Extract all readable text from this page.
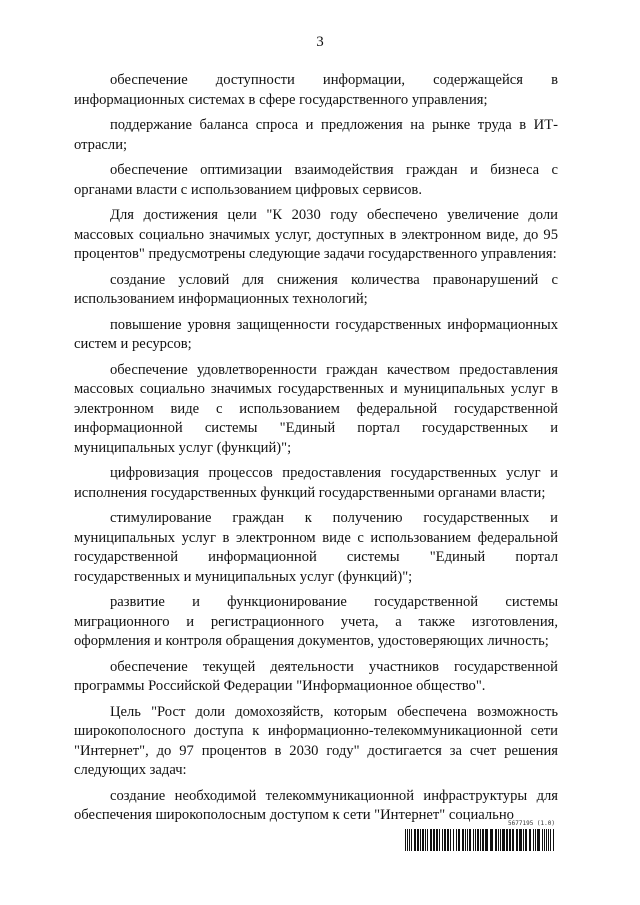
3

обеспечение доступности информации, содержащейся в информационных системах в сфере государственного управления;

поддержание баланса спроса и предложения на рынке труда в ИТ-отрасли;

обеспечение оптимизации взаимодействия граждан и бизнеса с органами власти с использованием цифровых сервисов.

Для достижения цели "К 2030 году обеспечено увеличение доли массовых социально значимых услуг, доступных в электронном виде, до 95 процентов" предусмотрены следующие задачи государственного управления:

создание условий для снижения количества правонарушений с использованием информационных технологий;

повышение уровня защищенности государственных информационных систем и ресурсов;

обеспечение удовлетворенности граждан качеством предоставления массовых социально значимых государственных и муниципальных услуг в электронном виде с использованием федеральной государственной информационной системы "Единый портал государственных и муниципальных услуг (функций)";

цифровизация процессов предоставления государственных услуг и исполнения государственных функций государственными органами власти;

стимулирование граждан к получению государственных и муниципальных услуг в электронном виде с использованием федеральной государственной информационной системы "Единый портал государственных и муниципальных услуг (функций)";

развитие и функционирование государственной системы миграционного и регистрационного учета, а также изготовления, оформления и контроля обращения документов, удостоверяющих личность;

обеспечение текущей деятельности участников государственной программы Российской Федерации "Информационное общество".

Цель "Рост доли домохозяйств, которым обеспечена возможность широкополосного доступа к информационно-телекоммуникационной сети "Интернет", до 97 процентов в 2030 году" достигается за счет решения следующих задач:

создание необходимой телекоммуникационной инфраструктуры для обеспечения широкополосным доступом к сети "Интернет" социально

5677195 (1.0)
